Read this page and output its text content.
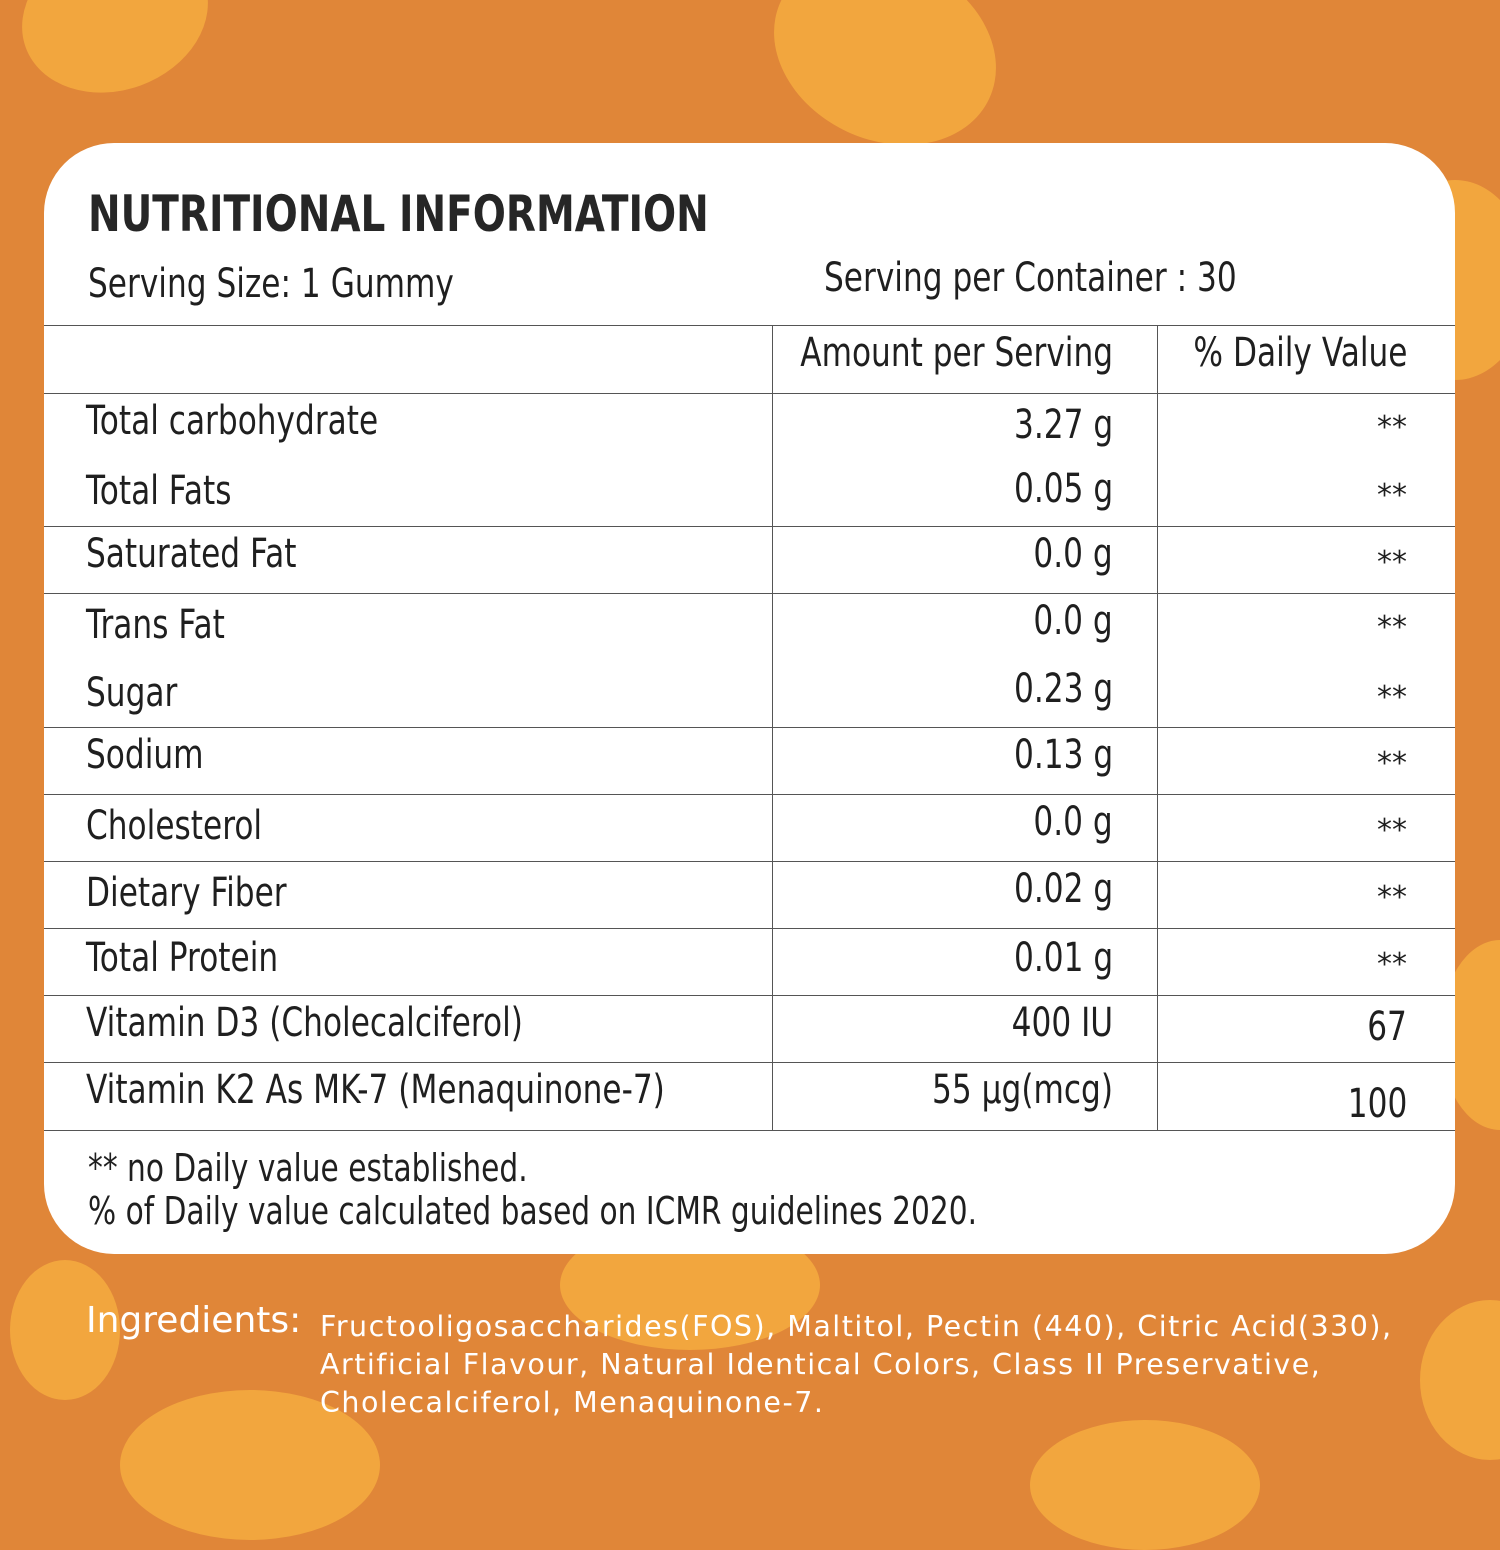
NUTRITIONAL INFORMATION
Serving Size: 1 Gummy	Serving per Container : 30
Amount per Serving	% Daily Value
Total carbohydrate	3.27 g	**
Total Fats	0.05 g	**
Saturated Fat	0.0 g	**
Trans Fat	0.0 g	**
Sugar	0.23 g	**
Sodium	0.13 g	**
Cholesterol	0.0 g	**
Dietary Fiber	0.02 g	**
Total Protein	0.01 g	**
Vitamin D3 (Cholecalciferol)	400 IU	67
Vitamin K2 As MK-7 (Menaquinone-7)	55 µg(mcg)	100
** no Daily value established.
% of Daily value calculated based on ICMR guidelines 2020.
Ingredients: Fructooligosaccharides(FOS), Maltitol, Pectin (440), Citric Acid(330), Artificial Flavour, Natural Identical Colors, Class II Preservative, Cholecalciferol, Menaquinone-7.
